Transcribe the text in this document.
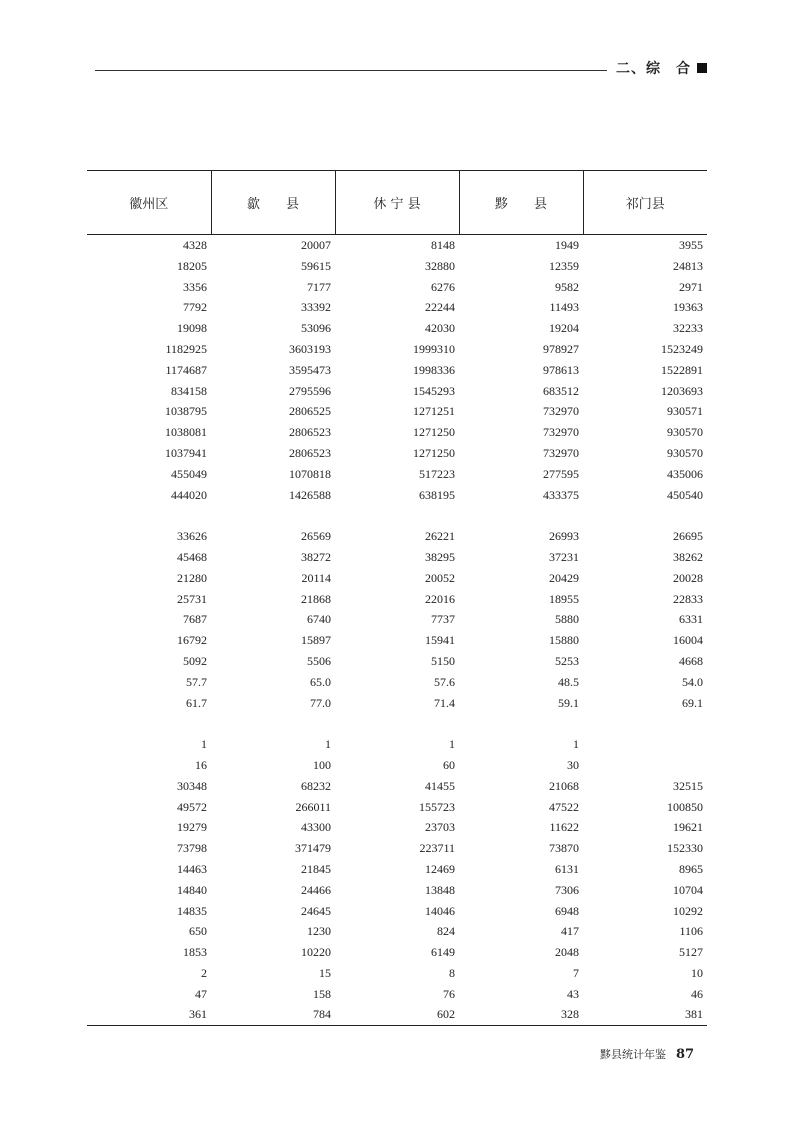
二、综　合
徽州区	歙　　县	休 宁 县	黟　　县	祁门县
4328	20007	8148	1949	3955
18205	59615	32880	12359	24813
3356	7177	6276	9582	2971
7792	33392	22244	11493	19363
19098	53096	42030	19204	32233
1182925	3603193	1999310	978927	1523249
1174687	3595473	1998336	978613	1522891
834158	2795596	1545293	683512	1203693
1038795	2806525	1271251	732970	930571
1038081	2806523	1271250	732970	930570
1037941	2806523	1271250	732970	930570
455049	1070818	517223	277595	435006
444020	1426588	638195	433375	450540

33626	26569	26221	26993	26695
45468	38272	38295	37231	38262
21280	20114	20052	20429	20028
25731	21868	22016	18955	22833
7687	6740	7737	5880	6331
16792	15897	15941	15880	16004
5092	5506	5150	5253	4668
57.7	65.0	57.6	48.5	54.0
61.7	77.0	71.4	59.1	69.1

1	1	1	1	
16	100	60	30	
30348	68232	41455	21068	32515
49572	266011	155723	47522	100850
19279	43300	23703	11622	19621
73798	371479	223711	73870	152330
14463	21845	12469	6131	8965
14840	24466	13848	7306	10704
14835	24645	14046	6948	10292
650	1230	824	417	1106
1853	10220	6149	2048	5127
2	15	8	7	10
47	158	76	43	46
361	784	602	328	381
黟县统计年鉴 87
